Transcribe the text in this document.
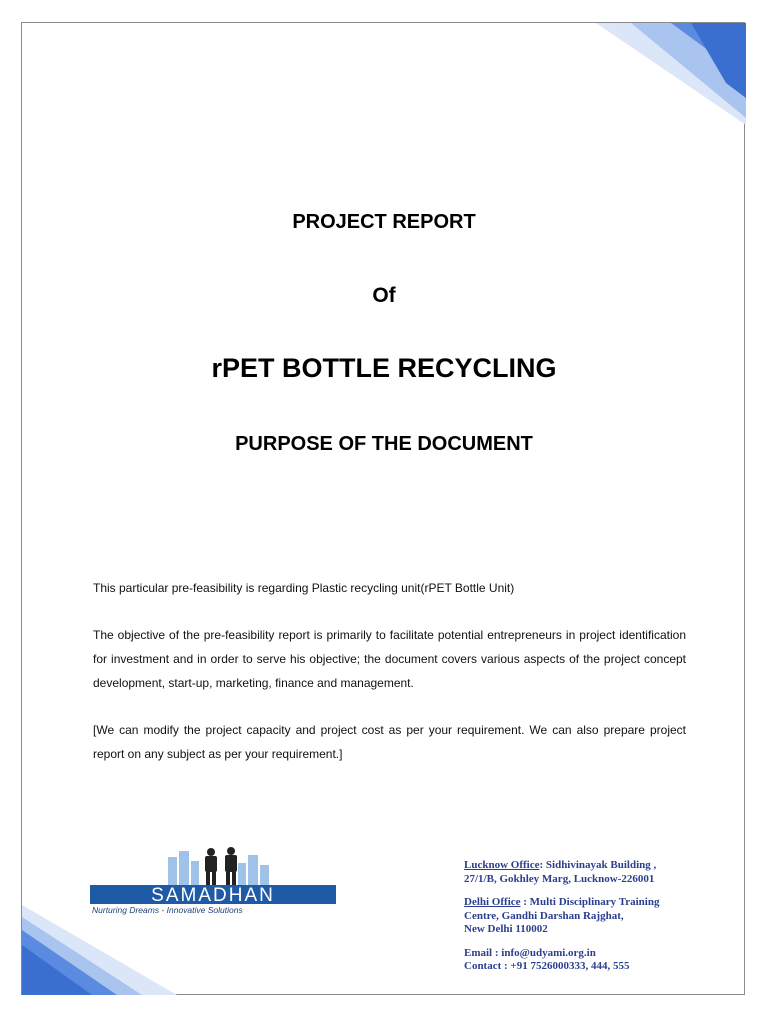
PROJECT REPORT
Of
rPET BOTTLE RECYCLING
PURPOSE OF THE DOCUMENT
This particular pre-feasibility is regarding Plastic recycling unit(rPET Bottle Unit)
The objective of the pre-feasibility report is primarily to facilitate potential entrepreneurs in project identification for investment and in order to serve his objective; the document covers various aspects of the project concept development, start-up, marketing, finance and management.
[We can modify the project capacity and project cost as per your requirement. We can also prepare project report on any subject as per your requirement.]
SAMADHAN
Nurturing Dreams - Innovative Solutions
Lucknow Office: Sidhivinayak Building ,
27/1/B, Gokhley Marg, Lucknow-226001
Delhi Office : Multi Disciplinary Training
Centre, Gandhi Darshan Rajghat,
New Delhi 110002
Email : info@udyami.org.in
Contact : +91 7526000333, 444, 555
